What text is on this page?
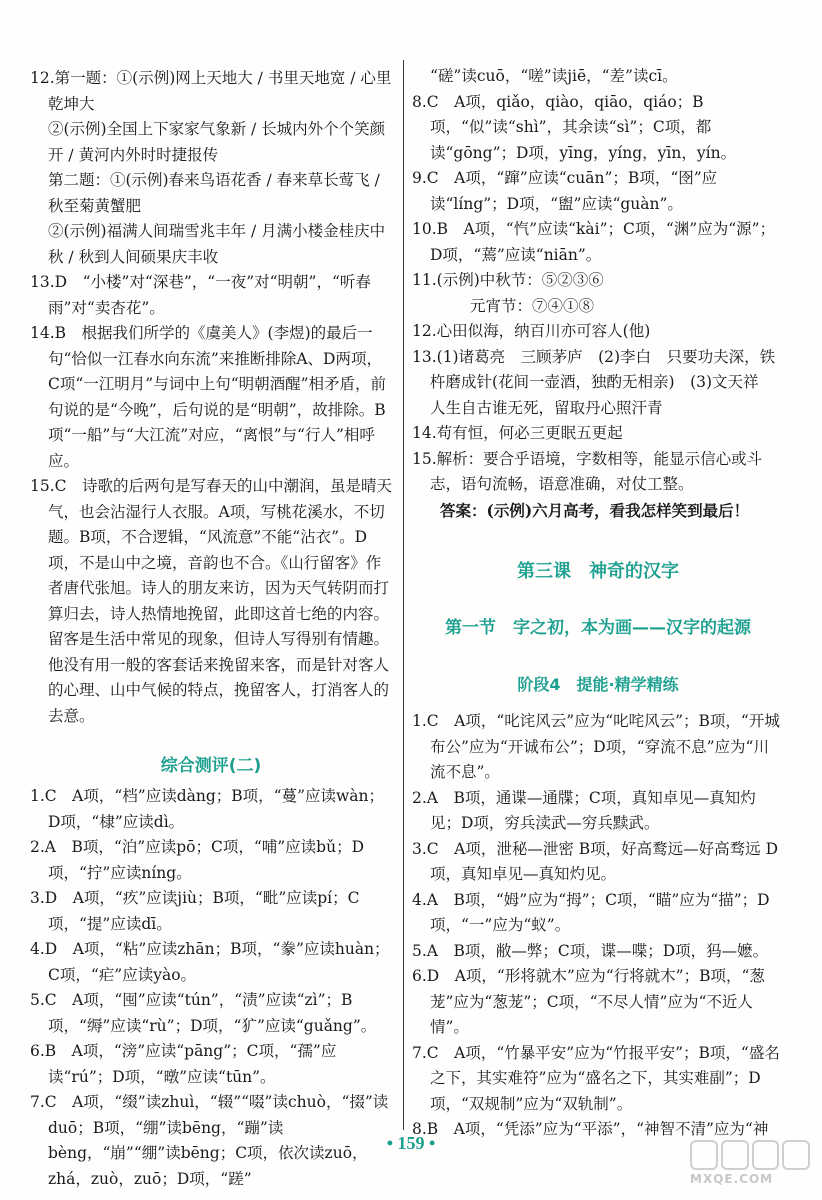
12.第一题：①(示例)网上天地大 ∕ 书里天地宽 ∕ 心里乾坤大

②(示例)全国上下家家气象新 ∕ 长城内外个个笑颜开 ∕ 黄河内外时时捷报传

第二题：①(示例)春来鸟语花香 ∕ 春来草长莺飞 ∕ 秋至菊黄蟹肥

②(示例)福满人间瑞雪兆丰年 ∕ 月满小楼金桂庆中秋 ∕ 秋到人间硕果庆丰收

13.D　“小楼”对“深巷”，“一夜”对“明朝”，“听春雨”对“卖杏花”。

14.B　根据我们所学的《虞美人》(李煜)的最后一句“恰似一江春水向东流”来推断排除A、D两项，C项“一江明月”与词中上句“明朝酒醒”相矛盾，前句说的是“今晚”，后句说的是“明朝”，故排除。B项“一船”与“大江流”对应，“离恨”与“行人”相呼应。

15.C　诗歌的后两句是写春天的山中潮润，虽是晴天气，也会沾湿行人衣服。A项，写桃花溪水，不切题。B项，不合逻辑，“风流意”不能“沾衣”。D项，不是山中之境，音韵也不合。《山行留客》作者唐代张旭。诗人的朋友来访，因为天气转阴而打算归去，诗人热情地挽留，此即这首七绝的内容。留客是生活中常见的现象，但诗人写得别有情趣。他没有用一般的客套话来挽留来客，而是针对客人的心理、山中气候的特点，挽留客人，打消客人的去意。

综合测评(二)

1.C　A项，“档”应读dàng；B项，“蔓”应读wàn；D项，“棣”应读dì。

2.A　B项，“泊”应读pō；C项，“哺”应读bǔ；D项，“拧”应读níng。

3.D　A项，“疚”应读jiù；B项，“毗”应读pí；C项，“提”应读dī。

4.D　A项，“粘”应读zhān；B项，“豢”应读huàn；C项，“疟”应读yào。

5.C　A项，“囤”应读“tún”，“渍”应读“zì”；B项，“缛”应读“rù”；D项，“犷”应读“guǎng”。

6.B　A项，“滂”应读“pāng”；C项，“孺”应读“rú”；D项，“暾”应读“tūn”。

7.C　A项，“缀”读zhuì，“辍”“啜”读chuò，“掇”读duō；B项，“绷”读bēng，“蹦”读bèng，“崩”“绷”读bēng；C项，依次读zuō，zhá，zuò，zuō；D项，“蹉”

“磋”读cuō，“嗟”读jiē，“差”读cī。

8.C　A项，qiǎo，qiào，qiāo，qiáo；B项，“似”读“shì”，其余读“sì”；C项，都读“gōng”；D项，yīng，yíng，yīn，yín。

9.C　A项，“蹿”应读“cuān”；B项，“囹”应读“líng”；D项，“盥”应读“guàn”。

10.B　A项，“忾”应读“kài”；C项，“渊”应为“源”；D项，“蔫”应读“niān”。

11.(示例)中秋节：⑤②③⑥

元宵节：⑦④①⑧

12.心田似海，纳百川亦可容人(他)

13.(1)诸葛亮　三顾茅庐　(2)李白　只要功夫深，铁杵磨成针(花间一壶酒，独酌无相亲)　(3)文天祥　人生自古谁无死，留取丹心照汗青

14.苟有恒，何必三更眠五更起

15.解析：要合乎语境，字数相等，能显示信心或斗志，语句流畅，语意准确，对仗工整。

答案：(示例)六月高考，看我怎样笑到最后！

第三课　神奇的汉字

第一节　字之初，本为画——汉字的起源

阶段4　提能·精学精练

1.C　A项，“叱诧风云”应为“叱咤风云”；B项，“开城布公”应为“开诚布公”；D项，“穿流不息”应为“川流不息”。

2.A　B项，通谍—通牒；C项，真知卓见—真知灼见；D项，穷兵渎武—穷兵黩武。

3.C　A项，泄秘—泄密 B项，好高鹜远—好高骛远 D项，真知卓见—真知灼见。

4.A　B项，“姆”应为“拇”；C项，“瞄”应为“描”；D项，“一”应为“蚁”。

5.A　B项，敝—弊；C项，谍—喋；D项，犸—嬷。

6.D　A项，“形将就木”应为“行将就木”；B项，“葱茏”应为“葱茏”；C项，“不尽人情”应为“不近人情”。

7.C　A项，“竹暴平安”应为“竹报平安”；B项，“盛名之下，其实难符”应为“盛名之下，其实难副”；D项，“双规制”应为“双轨制”。

8.B　A项，“凭添”应为“平添”，“神智不清”应为“神

• 159 •
MXQE.COM
